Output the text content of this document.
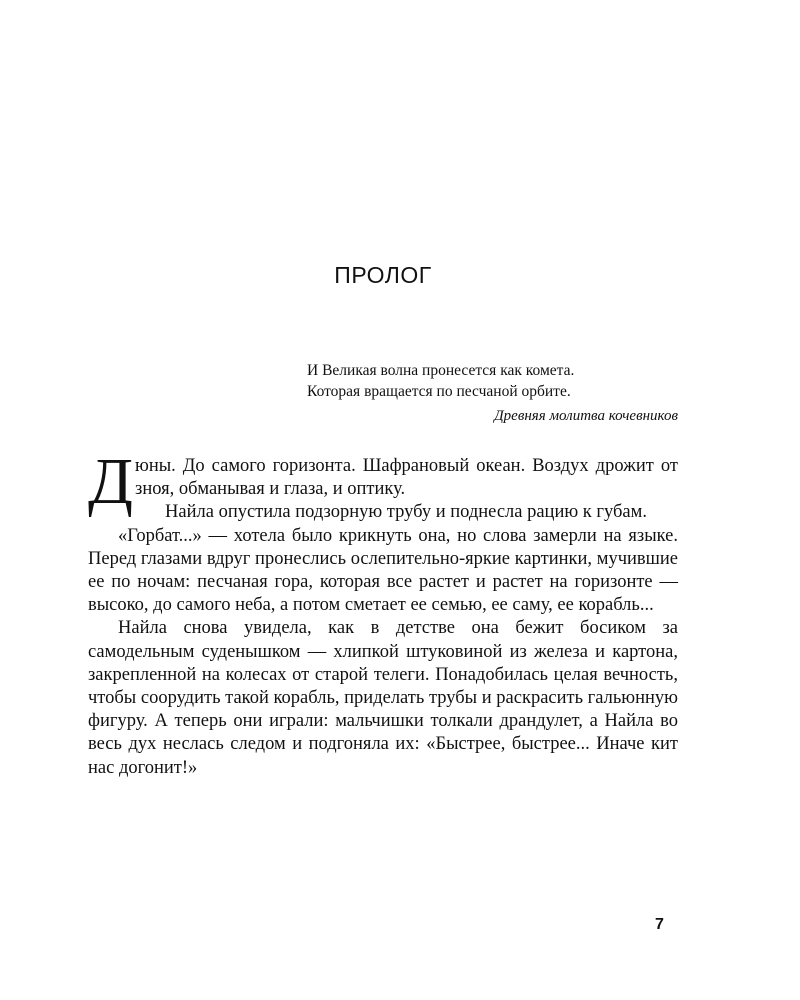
ПРОЛОГ
И Великая волна пронесется как комета.
Которая вращается по песчаной орбите.
Древняя молитва кочевников

Дюны. До самого горизонта. Шафрановый океан. Воздух дрожит от зноя, обманывая и глаза, и оптику.

Найла опустила подзорную трубу и поднесла рацию к губам.

«Горбат...» — хотела было крикнуть она, но слова замерли на языке. Перед глазами вдруг пронеслись ослепительно-яркие картинки, мучившие ее по ночам: песчаная гора, которая все растет и растет на горизонте — высоко, до самого неба, а потом сметает ее семью, ее саму, ее корабль...

Найла снова увидела, как в детстве она бежит босиком за самодельным суденышком — хлипкой штуковиной из железа и картона, закрепленной на колесах от старой телеги. Понадобилась целая вечность, чтобы соорудить такой корабль, приделать трубы и раскрасить гальюнную фигуру. А теперь они играли: мальчишки толкали драндулет, а Найла во весь дух неслась следом и подгоняла их: «Быстрее, быстрее... Иначе кит нас догонит!»

7
